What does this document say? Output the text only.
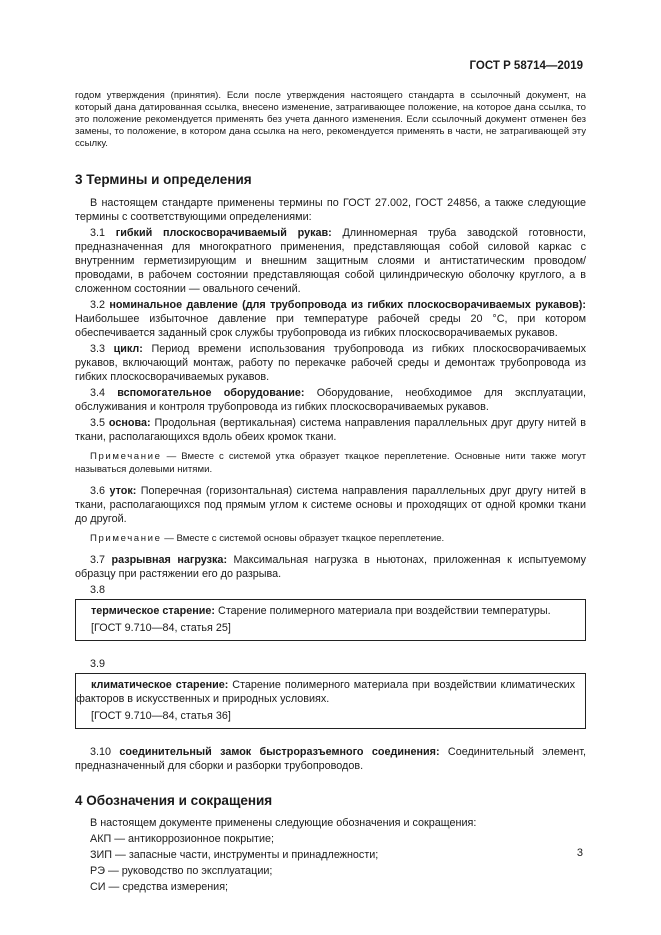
ГОСТ Р 58714—2019

годом утверждения (принятия). Если после утверждения настоящего стандарта в ссылочный документ, на который дана датированная ссылка, внесено изменение, затрагивающее положение, на которое дана ссылка, то это положение рекомендуется применять без учета данного изменения. Если ссылочный документ отменен без замены, то положение, в котором дана ссылка на него, рекомендуется применять в части, не затрагивающей эту ссылку.

3 Термины и определения

В настоящем стандарте применены термины по ГОСТ 27.002, ГОСТ 24856, а также следующие термины с соответствующими определениями:

3.1 гибкий плоскосворачиваемый рукав: Длинномерная труба заводской готовности, предназначенная для многократного применения, представляющая собой силовой каркас с внутренним герметизирующим и внешним защитным слоями и антистатическим проводом/проводами, в рабочем состоянии представляющая собой цилиндрическую оболочку круглого, а в сложенном состоянии — овального сечений.

3.2 номинальное давление (для трубопровода из гибких плоскосворачиваемых рукавов): Наибольшее избыточное давление при температуре рабочей среды 20 °С, при котором обеспечивается заданный срок службы трубопровода из гибких плоскосворачиваемых рукавов.

3.3 цикл: Период времени использования трубопровода из гибких плоскосворачиваемых рукавов, включающий монтаж, работу по перекачке рабочей среды и демонтаж трубопровода из гибких плоскосворачиваемых рукавов.

3.4 вспомогательное оборудование: Оборудование, необходимое для эксплуатации, обслуживания и контроля трубопровода из гибких плоскосворачиваемых рукавов.

3.5 основа: Продольная (вертикальная) система направления параллельных друг другу нитей в ткани, располагающихся вдоль обеих кромок ткани.

Примечание — Вместе с системой утка образует ткацкое переплетение. Основные нити также могут называться долевыми нитями.

3.6 уток: Поперечная (горизонтальная) система направления параллельных друг другу нитей в ткани, располагающихся под прямым углом к системе основы и проходящих от одной кромки ткани до другой.

Примечание — Вместе с системой основы образует ткацкое переплетение.

3.7 разрывная нагрузка: Максимальная нагрузка в ньютонах, приложенная к испытуемому образцу при растяжении его до разрыва.

3.8

термическое старение: Старение полимерного материала при воздействии температуры.

[ГОСТ 9.710—84, статья 25]

3.9

климатическое старение: Старение полимерного материала при воздействии климатических факторов в искусственных и природных условиях.

[ГОСТ 9.710—84, статья 36]

3.10 соединительный замок быстроразъемного соединения: Соединительный элемент, предназначенный для сборки и разборки трубопроводов.

4 Обозначения и сокращения

В настоящем документе применены следующие обозначения и сокращения:

АКП — антикоррозионное покрытие;

ЗИП — запасные части, инструменты и принадлежности;

РЭ — руководство по эксплуатации;

СИ — средства измерения;

3
